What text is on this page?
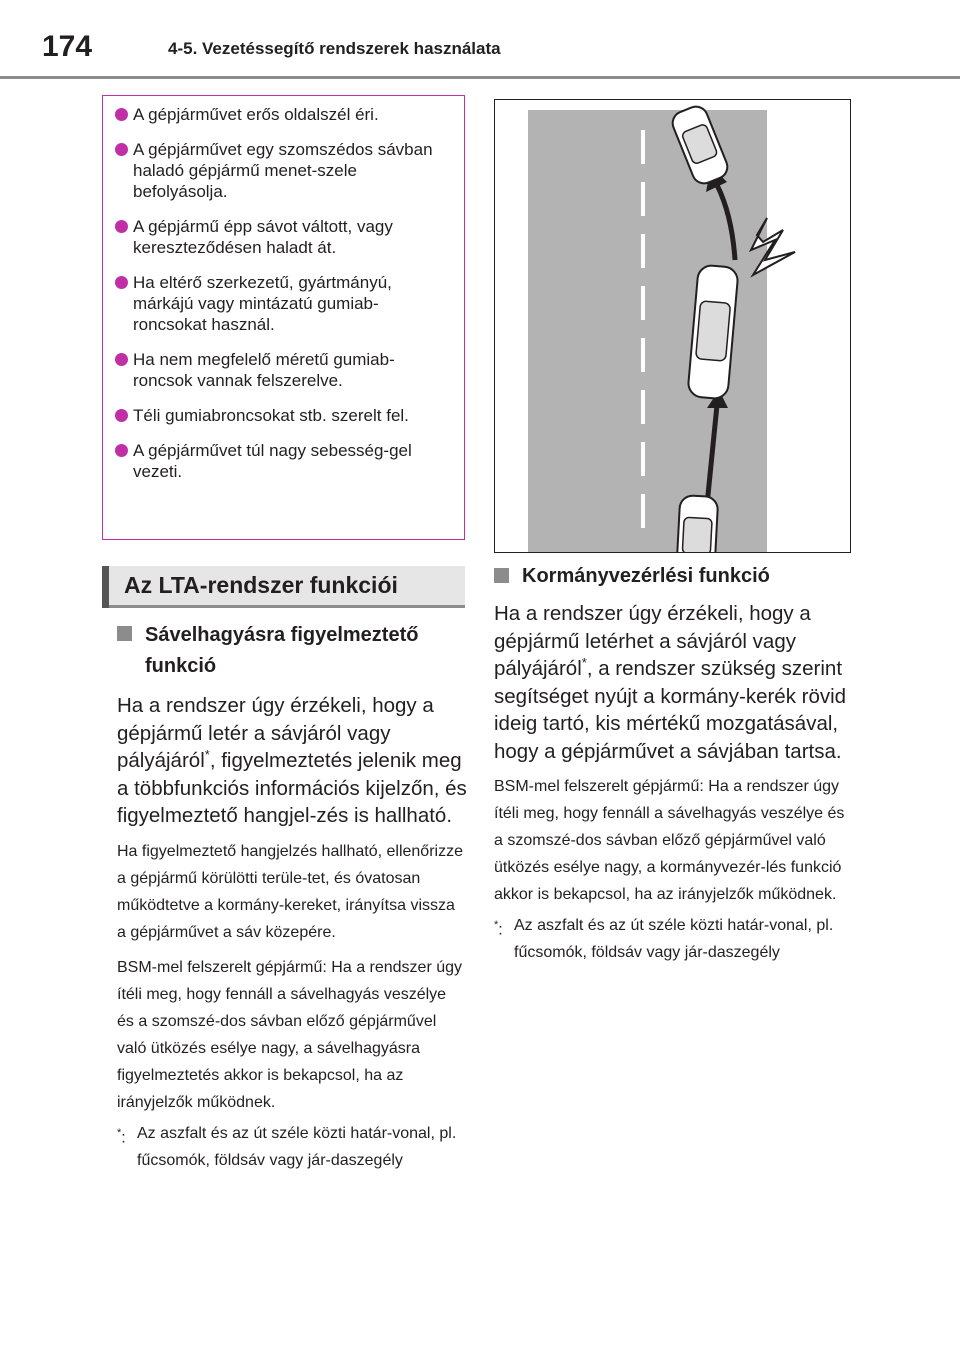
174	4-5. Vezetéssegítő rendszerek használata
A gépjárművet erős oldalszél éri.
A gépjárművet egy szomszédos sávban haladó gépjármű menet-szele befolyásolja.
A gépjármű épp sávot váltott, vagy kereszteződésen haladt át.
Ha eltérő szerkezetű, gyártmányú, márkájú vagy mintázatú gumiab-roncsokat használ.
Ha nem megfelelő méretű gumiab-roncsok vannak felszerelve.
Téli gumiabroncsokat stb. szerelt fel.
A gépjárművet túl nagy sebesség-gel vezeti.
Az LTA-rendszer funkciói
Sávelhagyásra figyelmeztető
funkció

Ha a rendszer úgy érzékeli, hogy a gépjármű letér a sávjáról vagy pályájáról*, figyelmeztetés jelenik meg a többfunkciós információs kijelzőn, és figyelmeztető hangjel-zés is hallható.

Ha figyelmeztető hangjelzés hallható, ellenőrizze a gépjármű körülötti terüle-tet, és óvatosan működtetve a kormány-kereket, irányítsa vissza a gépjárművet a sáv közepére.

BSM-mel felszerelt gépjármű: Ha a rendszer úgy ítéli meg, hogy fennáll a sávelhagyás veszélye és a szomszé-dos sávban előző gépjárművel való ütközés esélye nagy, a sávelhagyásra figyelmeztetés akkor is bekapcsol, ha az irányjelzők működnek.

*: Az aszfalt és az út széle közti határ-vonal, pl. fűcsomók, földsáv vagy jár-daszegély

Kormányvezérlési funkció

Ha a rendszer úgy érzékeli, hogy a gépjármű letérhet a sávjáról vagy pályájáról*, a rendszer szükség szerint segítséget nyújt a kormány-kerék rövid ideig tartó, kis mértékű mozgatásával, hogy a gépjárművet a sávjában tartsa.

BSM-mel felszerelt gépjármű: Ha a rendszer úgy ítéli meg, hogy fennáll a sávelhagyás veszélye és a szomszé-dos sávban előző gépjárművel való ütközés esélye nagy, a kormányvezér-lés funkció akkor is bekapcsol, ha az irányjelzők működnek.

*: Az aszfalt és az út széle közti határ-vonal, pl. fűcsomók, földsáv vagy jár-daszegély
